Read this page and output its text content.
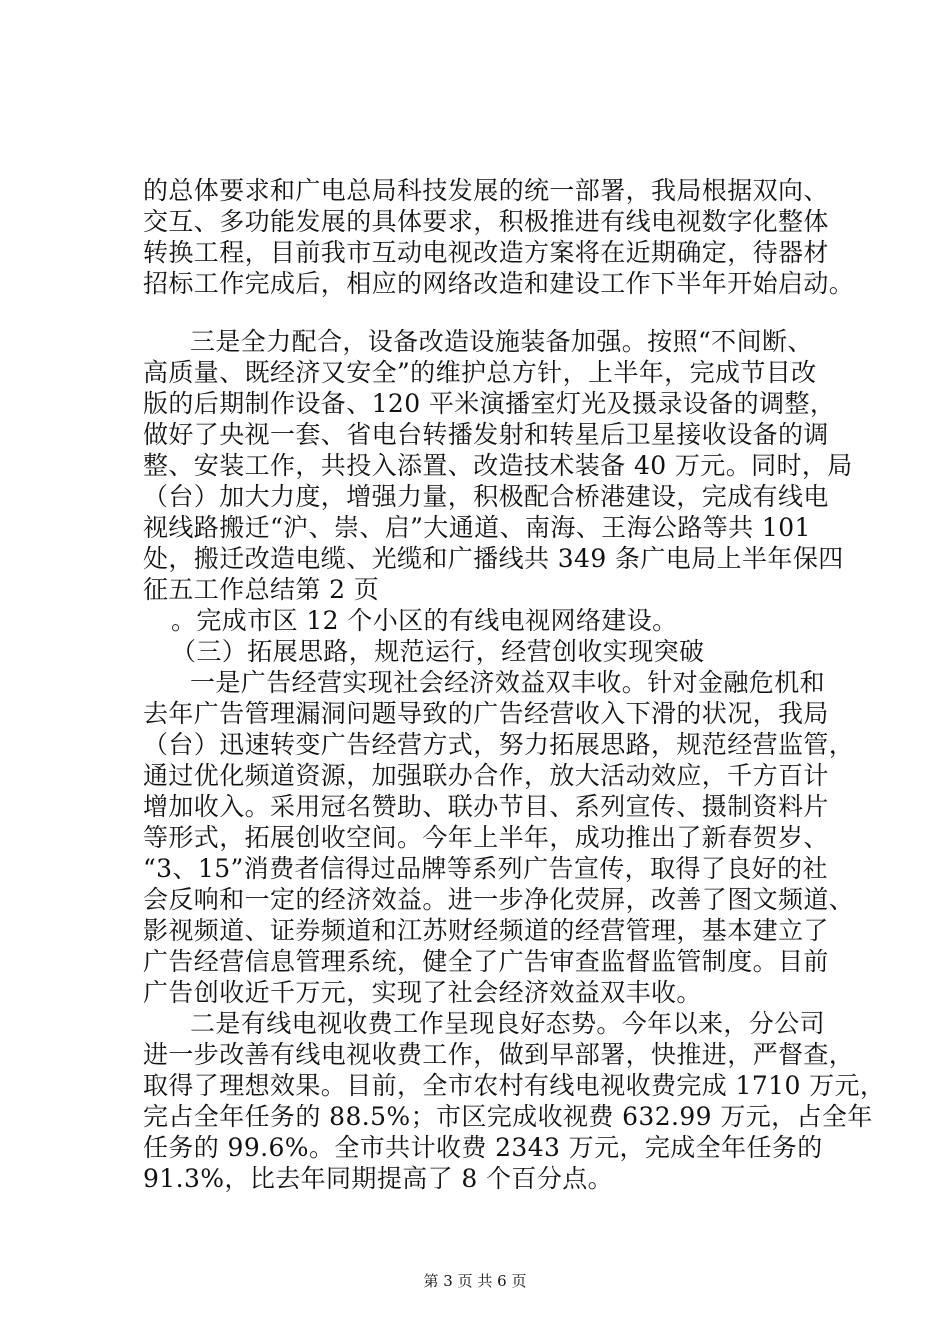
的总体要求和广电总局科技发展的统一部署，我局根据双向、
交互、多功能发展的具体要求，积极推进有线电视数字化整体
转换工程，目前我市互动电视改造方案将在近期确定，待器材
招标工作完成后，相应的网络改造和建设工作下半年开始启动。
三是全力配合，设备改造设施装备加强。按照“不间断、
高质量、既经济又安全”的维护总方针，上半年，完成节目改
版的后期制作设备、120 平米演播室灯光及摄录设备的调整，
做好了央视一套、省电台转播发射和转星后卫星接收设备的调
整、安装工作，共投入添置、改造技术装备 40 万元。同时，局
（台）加大力度，增强力量，积极配合桥港建设，完成有线电
视线路搬迁“沪、崇、启”大通道、南海、王海公路等共 101
处，搬迁改造电缆、光缆和广播线共 349 条广电局上半年保四
征五工作总结第 2 页
。完成市区 12 个小区的有线电视网络建设。
（三）拓展思路，规范运行，经营创收实现突破
一是广告经营实现社会经济效益双丰收。针对金融危机和
去年广告管理漏洞问题导致的广告经营收入下滑的状况，我局
（台）迅速转变广告经营方式，努力拓展思路，规范经营监管，
通过优化频道资源，加强联办合作，放大活动效应，千方百计
增加收入。采用冠名赞助、联办节目、系列宣传、摄制资料片
等形式，拓展创收空间。今年上半年，成功推出了新春贺岁、
“3、15”消费者信得过品牌等系列广告宣传，取得了良好的社
会反响和一定的经济效益。进一步净化荧屏，改善了图文频道、
影视频道、证券频道和江苏财经频道的经营管理，基本建立了
广告经营信息管理系统，健全了广告审查监督监管制度。目前
广告创收近千万元，实现了社会经济效益双丰收。
二是有线电视收费工作呈现良好态势。今年以来，分公司
进一步改善有线电视收费工作，做到早部署，快推进，严督查，
取得了理想效果。目前，全市农村有线电视收费完成 1710 万元，
完占全年任务的 88.5%；市区完成收视费 632.99 万元，占全年
任务的 99.6%。全市共计收费 2343 万元，完成全年任务的
91.3%，比去年同期提高了 8 个百分点。
第 3 页 共 6 页
